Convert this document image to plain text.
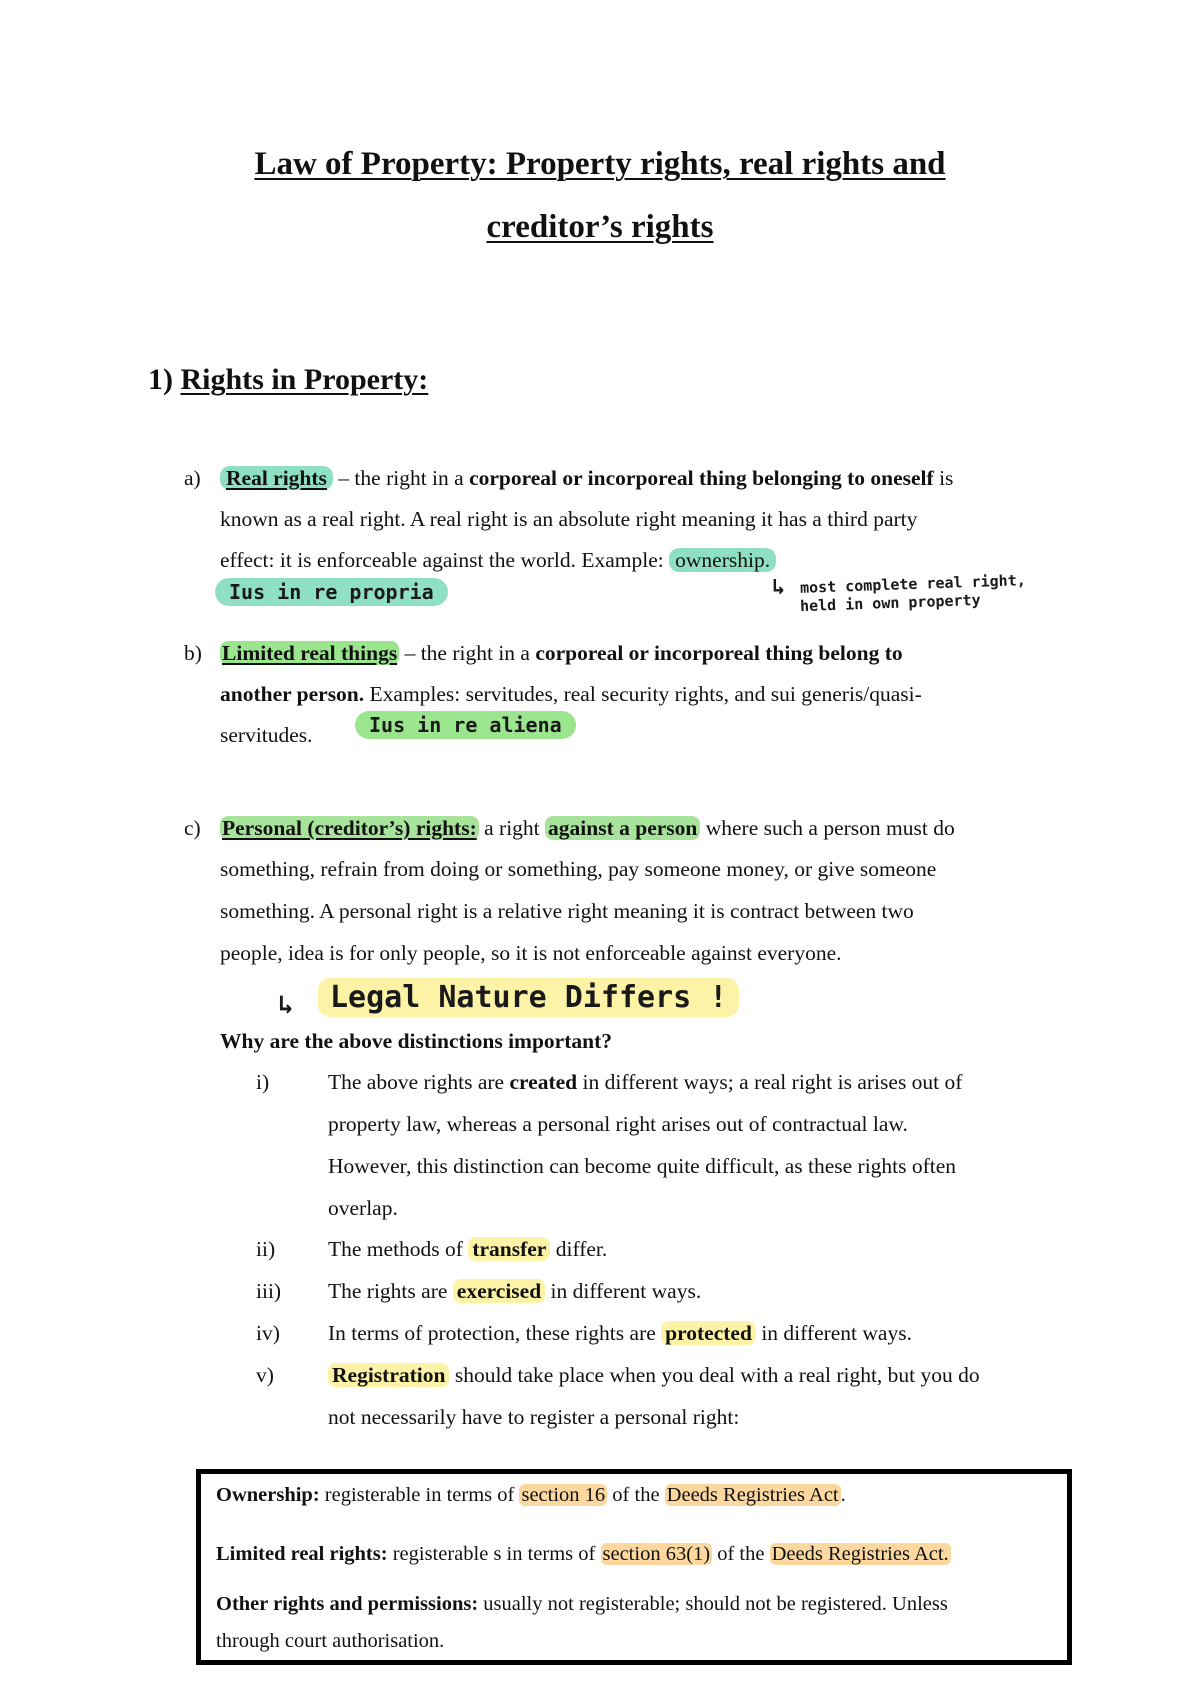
Law of Property: Property rights, real rights and
creditor’s rights
1) Rights in Property:
a) Real rights – the right in a corporeal or incorporeal thing belonging to oneself is
known as a real right. A real right is an absolute right meaning it has a third party
effect: it is enforceable against the world. Example: ownership.
Ius in re propria	↳ most complete real right,
held in own property
b) Limited real things – the right in a corporeal or incorporeal thing belong to
another person. Examples: servitudes, real security rights, and sui generis/quasi-
servitudes.	Ius in re aliena
c) Personal (creditor’s) rights: a right against a person where such a person must do
something, refrain from doing or something, pay someone money, or give someone
something. A personal right is a relative right meaning it is contract between two
people, idea is for only people, so it is not enforceable against everyone.
↳	Legal Nature Differs !
Why are the above distinctions important?
i)	The above rights are created in different ways; a real right is arises out of
property law, whereas a personal right arises out of contractual law.
However, this distinction can become quite difficult, as these rights often
overlap.
ii) The methods of transfer differ.
iii) The rights are exercised in different ways.
iv) In terms of protection, these rights are protected in different ways.
v)	Registration should take place when you deal with a real right, but you do
not necessarily have to register a personal right:
Ownership: registerable in terms of section 16 of the Deeds Registries Act.
Limited real rights: registerable s in terms of section 63(1) of the Deeds Registries Act.
Other rights and permissions: usually not registerable; should not be registered. Unless
through court authorisation.
